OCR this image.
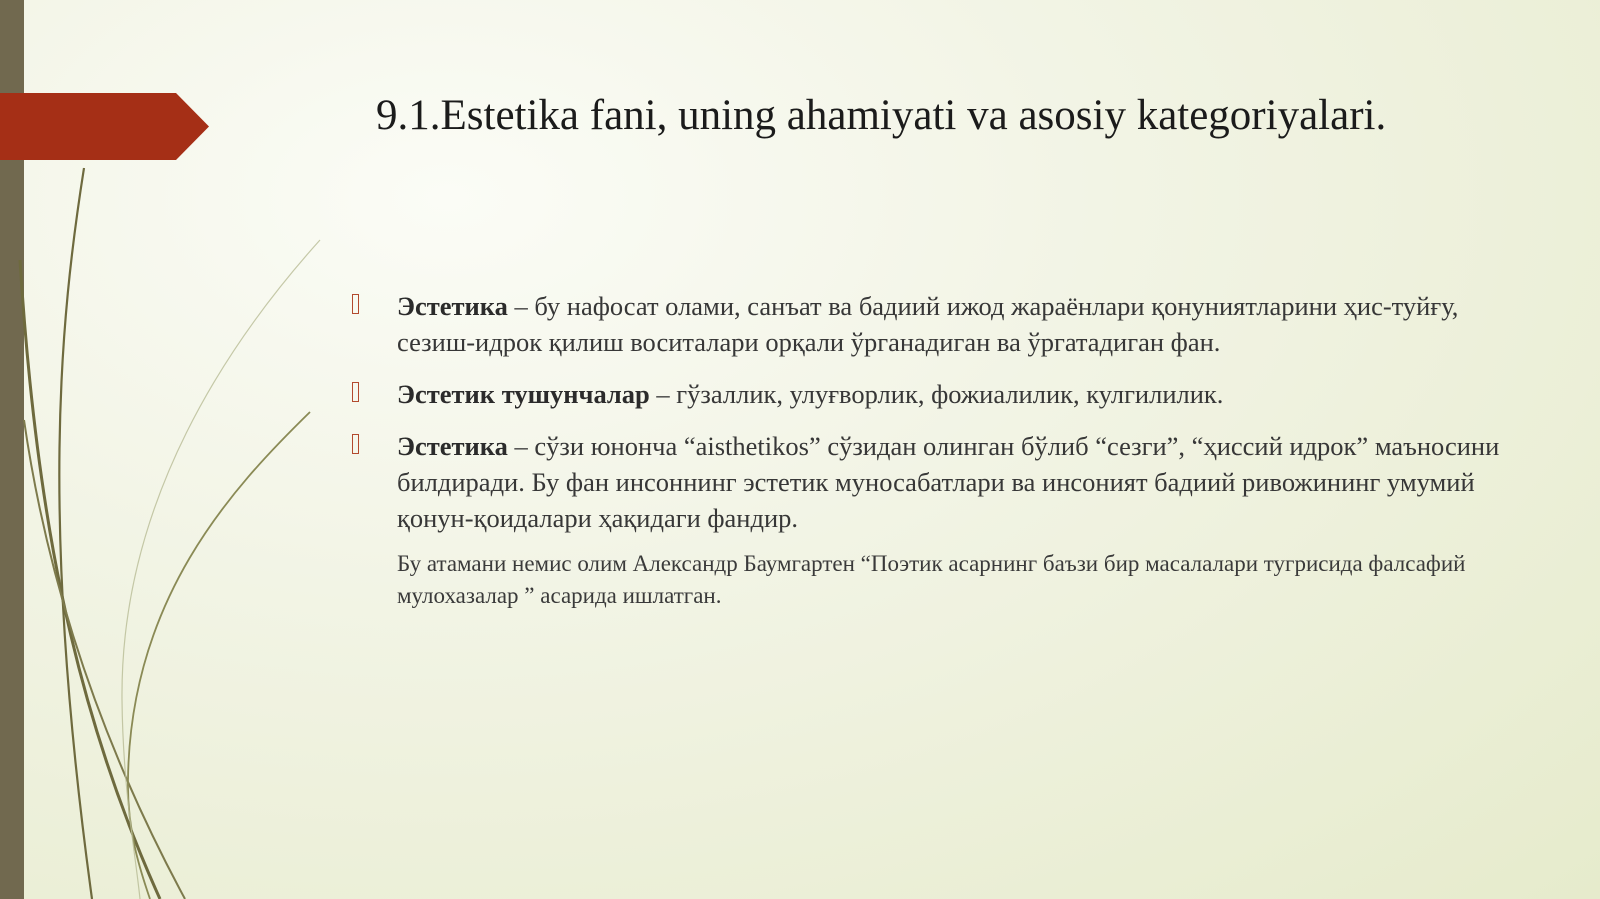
9.1.Estetika fani, uning ahamiyati va asosiy kategoriyalari.
Эстетика – бу нафосат олами, санъат ва бадиий ижод жараёнлари қонуниятларини ҳис-туйғу, сезиш-идрок қилиш воситалари орқали ўрганадиган ва ўргатадиган фан.
Эстетик тушунчалар – гўзаллик, улуғворлик, фожиалилик, кулгилилик.
Эстетика – сўзи юнонча “aisthetikos” сўзидан олинган бўлиб “сезги”, “ҳиссий идрок” маъносини билдиради. Бу фан инсоннинг эстетик муносабатлари ва инсоният бадиий ривожининг умумий қонун-қоидалари ҳақидаги фандир.
Бу атамани немис олим Александр Баумгартен “Поэтик асарнинг баъзи бир масалалари тугрисида фалсафий мулохазалар ” асарида ишлатган.
